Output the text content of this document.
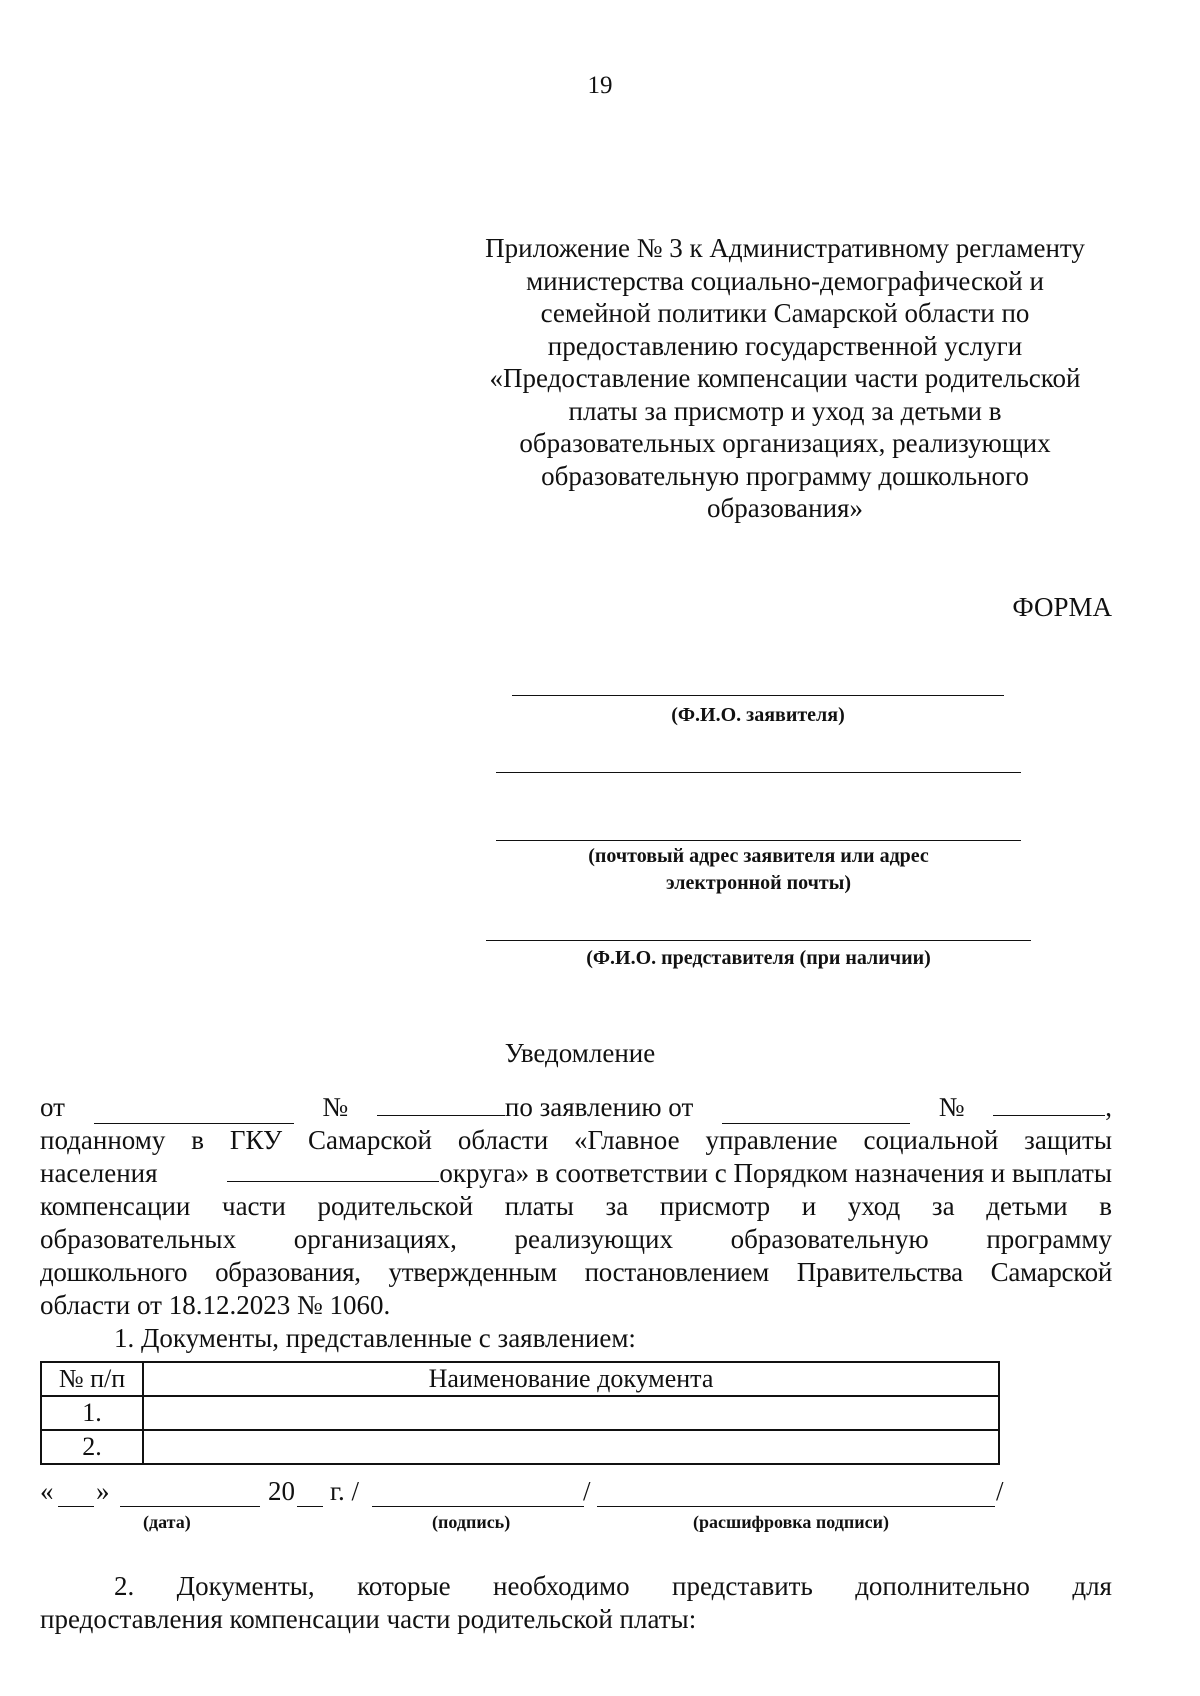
19
Приложение № 3 к Административному регламенту
министерства социально-демографической и
семейной политики Самарской области по
предоставлению государственной услуги
«Предоставление компенсации части родительской
платы за присмотр и уход за детьми в
образовательных организациях, реализующих
образовательную программу дошкольного
образования»
ФОРМА
(Ф.И.О. заявителя)
(почтовый адрес заявителя или адрес
электронной почты)
(Ф.И.О. представителя (при наличии)
Уведомление
от	№	по заявлению от	№	,
поданному в ГКУ Самарской области «Главное управление социальной защиты
населения	округа» в соответствии с Порядком назначения и выплаты
компенсации части родительской платы за присмотр и уход за детьми в
образовательных организациях, реализующих образовательную программу
дошкольного образования, утвержденным постановлением Правительства Самарской
области от 18.12.2023 № 1060.
1. Документы, представленные с заявлением:
№ п/п	Наименование документа
1.	
2.	
« »	20 г. /	/	/
(дата)	(подпись)	(расшифровка подписи)
2. Документы, которые необходимо представить дополнительно для
предоставления компенсации части родительской платы:
